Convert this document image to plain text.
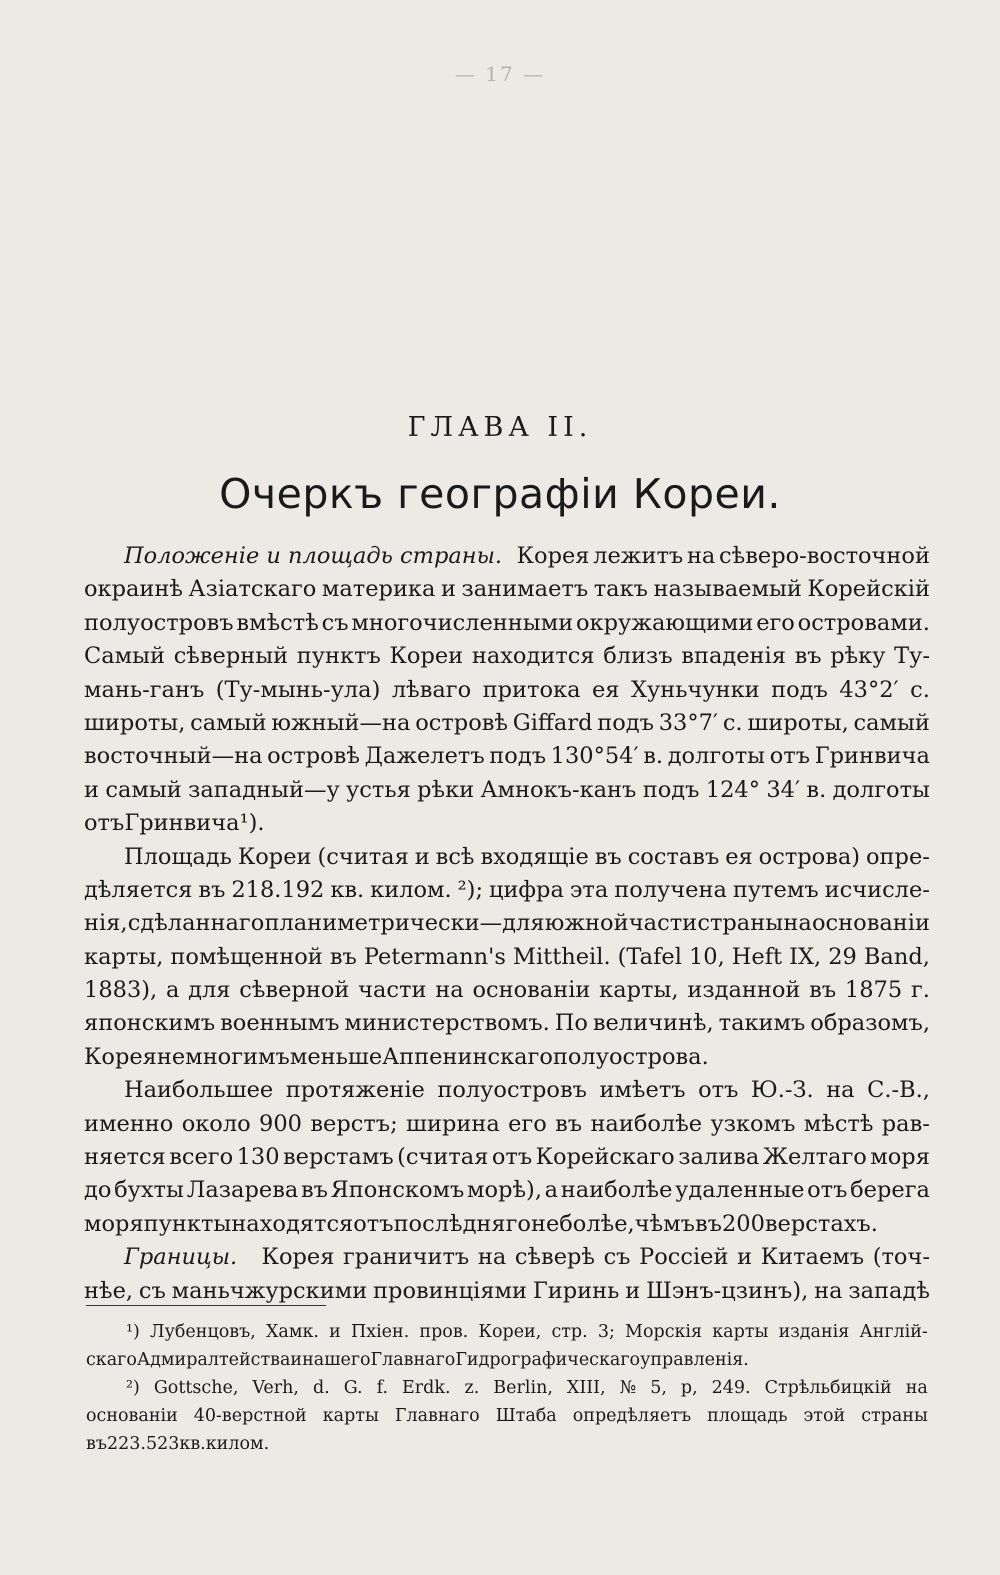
— 17 —
ГЛАВА II.
Очеркъ географіи Кореи.
Положеніе и площадь страны.
Корея лежитъ на сѣверо-восточной
окраинѣ Азіатскаго материка и занимаетъ такъ называемый Корейскій
полуостровъ вмѣстѣ съ многочисленными окружающими его островами.
Самый сѣверный пунктъ Кореи находится близъ впаденія въ рѣку Ту-
мань-ганъ (Ту-мынь-ула) лѣваго притока ея Хуньчунки подъ 43°2′ с.
широты, самый южный—на островѣ Giffard подъ 33°7′ с. широты, самый
восточный—на островѣ Дажелетъ подъ 130°54′ в. долготы отъ Гринвича
и самый западный—у устья рѣки Амнокъ-канъ подъ 124° 34′ в. долготы
отъ Гринвича ¹).
Площадь Кореи (считая и всѣ входящіе въ составъ ея острова) опре-
дѣляется въ 218.192 кв. килом. ²); цифра эта получена путемъ исчисле-
нія, сдѣланнаго планиметрически—для южной части страны на основаніи
карты, помѣщенной въ Petermann's Mittheil. (Tafel 10, Heft IX, 29 Band,
1883), а для сѣверной части на основаніи карты, изданной въ 1875 г.
японскимъ военнымъ министерствомъ. По величинѣ, такимъ образомъ,
Корея немногимъ меньше Аппенинскаго полуострова.
Наибольшее протяженіе полуостровъ имѣетъ отъ Ю.-З. на С.-В.,
именно около 900 верстъ; ширина его въ наиболѣе узкомъ мѣстѣ рав-
няется всего 130 верстамъ (считая отъ Корейскаго залива Желтаго моря
до бухты Лазарева въ Японскомъ морѣ), а наиболѣе удаленные отъ берега
моря пункты находятся отъ послѣдняго не болѣе, чѣмъ въ 200 верстахъ.
Границы.
Корея граничитъ на сѣверѣ съ Россіей и Китаемъ (точ-
нѣе, съ маньчжурскими провинціями Гиринь и Шэнъ-цзинъ), на западѣ
¹) Лубенцовъ, Хамк. и Пхіен. пров. Кореи, стр. 3; Морскія карты изданія Англій-
скаго Адмиралтейства и нашего Главнаго Гидрографическаго управленія.
²) Gottsche, Verh, d. G. f. Erdk. z. Berlin, XIII, № 5, p, 249. Стрѣльбицкій на
основаніи 40-верстной карты Главнаго Штаба опредѣляетъ площадь этой страны
въ 223.523 кв. килом.
